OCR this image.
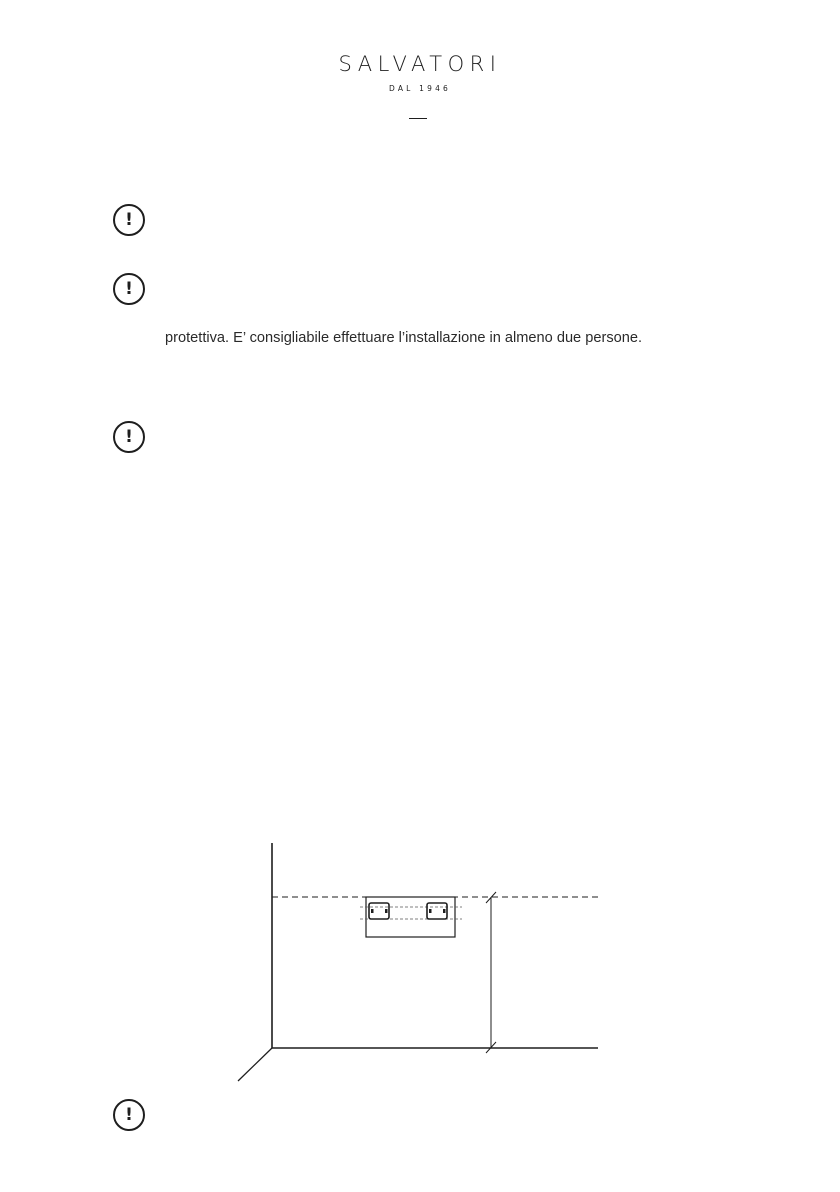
SALVATORI
DAL 1946
!
!
protettiva. E’ consigliabile effettuare l’installazione in almeno due persone.
!
!
